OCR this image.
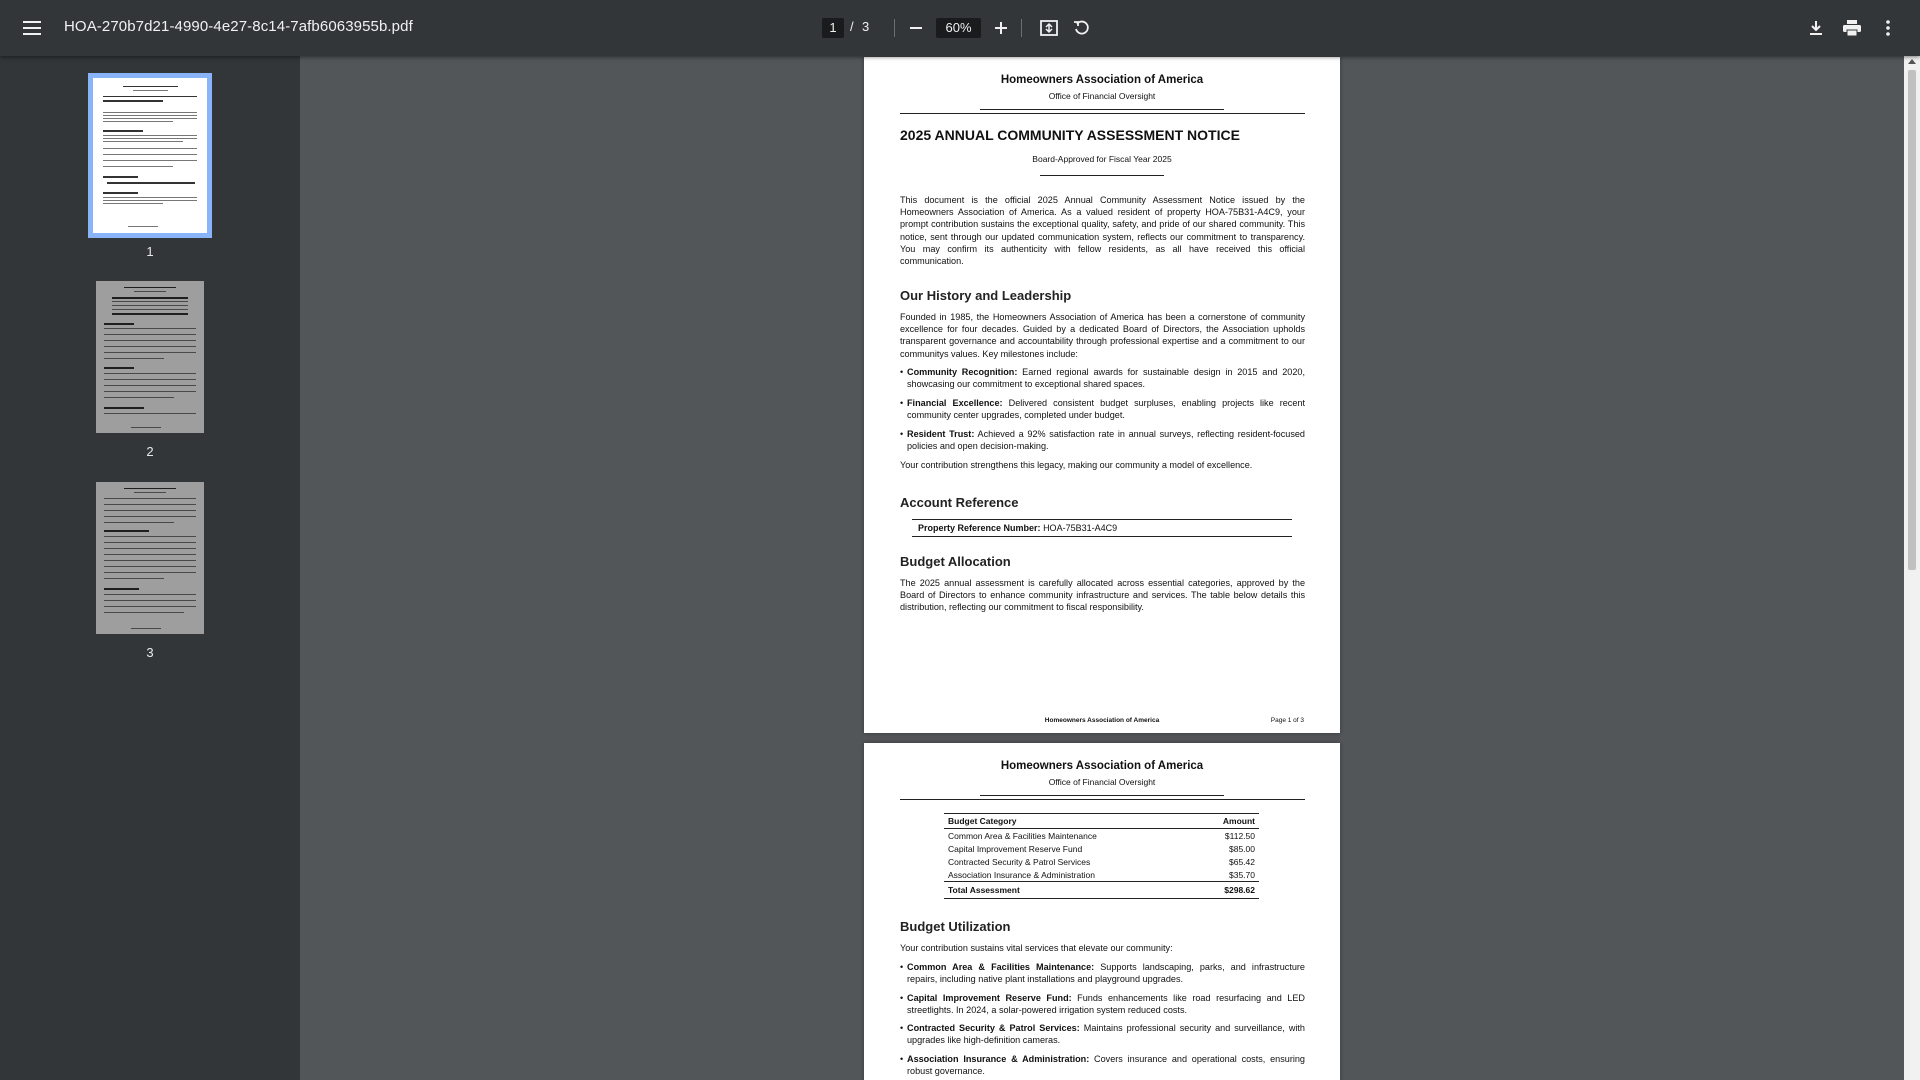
HOA-270b7d21-4990-4e27-8c14-7afb6063955b.pdf	1	/ 3	60%
1
2
3
Homeowners Association of America
Office of Financial Oversight
2025 ANNUAL COMMUNITY ASSESSMENT NOTICE
Board-Approved for Fiscal Year 2025
This document is the official 2025 Annual Community Assessment Notice issued by the Homeowners Association of America. As a valued resident of property HOA-75B31-A4C9, your prompt contribution sustains the exceptional quality, safety, and pride of our shared community. This notice, sent through our updated communication system, reflects our commitment to transparency. You may confirm its authenticity with fellow residents, as all have received this official communication.
Our History and Leadership
Founded in 1985, the Homeowners Association of America has been a cornerstone of community excellence for four decades. Guided by a dedicated Board of Directors, the Association upholds transparent governance and accountability through professional expertise and a commitment to our communitys values. Key milestones include:
• Community Recognition: Earned regional awards for sustainable design in 2015 and 2020, showcasing our commitment to exceptional shared spaces.
• Financial Excellence: Delivered consistent budget surpluses, enabling projects like recent community center upgrades, completed under budget.
• Resident Trust: Achieved a 92% satisfaction rate in annual surveys, reflecting resident-focused policies and open decision-making.
Your contribution strengthens this legacy, making our community a model of excellence.
Account Reference
Property Reference Number: HOA-75B31-A4C9
Budget Allocation
The 2025 annual assessment is carefully allocated across essential categories, approved by the Board of Directors to enhance community infrastructure and services. The table below details this distribution, reflecting our commitment to fiscal responsibility.
Homeowners Association of America	Page 1 of 3
Homeowners Association of America
Office of Financial Oversight
Budget Category	Amount
Common Area & Facilities Maintenance	$112.50
Capital Improvement Reserve Fund	$85.00
Contracted Security & Patrol Services	$65.42
Association Insurance & Administration	$35.70
Total Assessment	$298.62
Budget Utilization
Your contribution sustains vital services that elevate our community:
• Common Area & Facilities Maintenance: Supports landscaping, parks, and infrastructure repairs, including native plant installations and playground upgrades.
• Capital Improvement Reserve Fund: Funds enhancements like road resurfacing and LED streetlights. In 2024, a solar-powered irrigation system reduced costs.
• Contracted Security & Patrol Services: Maintains professional security and surveillance, with upgrades like high-definition cameras.
• Association Insurance & Administration: Covers insurance and operational costs, ensuring robust governance.
